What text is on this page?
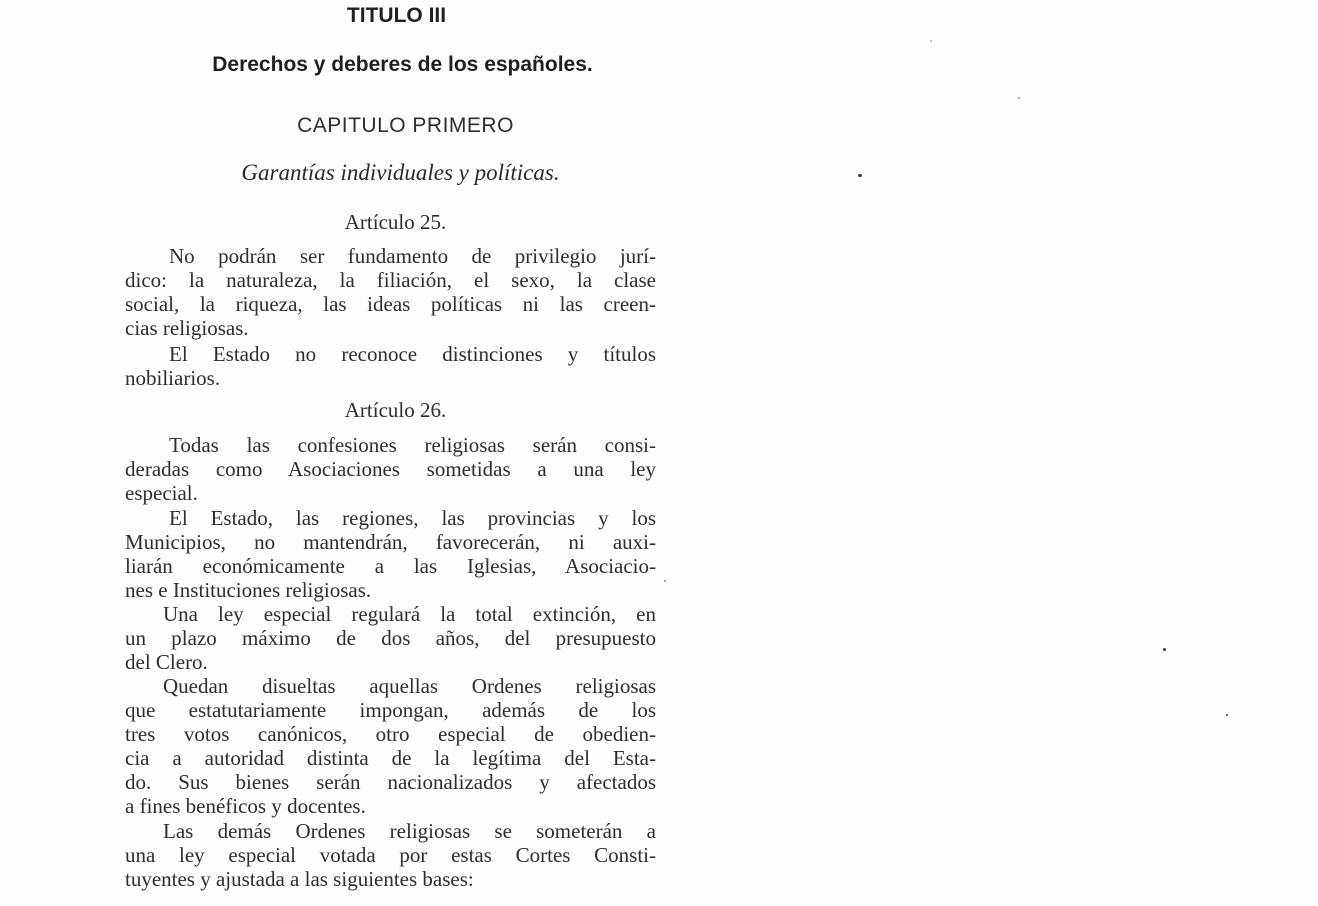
TITULO III
Derechos y deberes de los españoles.
CAPITULO PRIMERO
Garantías individuales y políticas.
Artículo 25.
No podrán ser fundamento de privilegio jurí-
dico: la naturaleza, la filiación, el sexo, la clase
social, la riqueza, las ideas políticas ni las creen-
cias religiosas.
El Estado no reconoce distinciones y títulos
nobiliarios.
Artículo 26.
Todas las confesiones religiosas serán consi-
deradas como Asociaciones sometidas a una ley
especial.
El Estado, las regiones, las provincias y los
Municipios, no mantendrán, favorecerán, ni auxi-
liarán económicamente a las Iglesias, Asociacio-
nes e Instituciones religiosas.
Una ley especial regulará la total extinción, en
un plazo máximo de dos años, del presupuesto
del Clero.
Quedan disueltas aquellas Ordenes religiosas
que estatutariamente impongan, además de los
tres votos canónicos, otro especial de obedien-
cia a autoridad distinta de la legítima del Esta-
do. Sus bienes serán nacionalizados y afectados
a fines benéficos y docentes.
Las demás Ordenes religiosas se someterán a
una ley especial votada por estas Cortes Consti-
tuyentes y ajustada a las siguientes bases:
